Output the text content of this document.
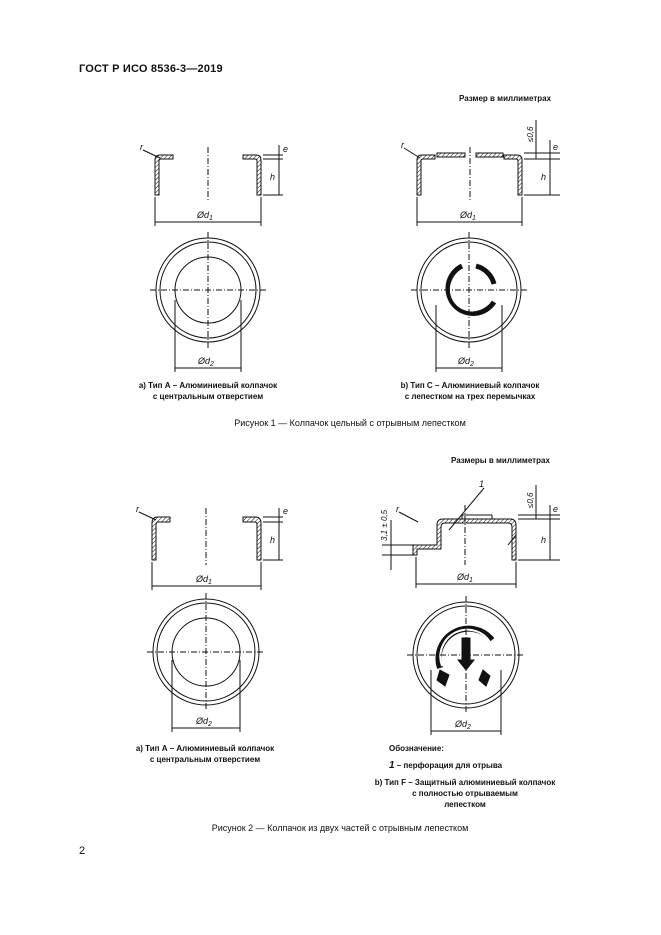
ГОСТ Р ИСО 8536-3—2019
r	e
h
$Ød_1$
$Ød_2$
r
≤0,6
e
h
$Ød_1$
$Ød_2$
r	e
h
$Ød_1$
$Ød_2$
r
1
≤0,6
3,1 ± 0,5
e
h
$Ød_1$
$Ød_2$
Размер в миллиметрах
а) Тип А – Алюминиевый колпачок
с центральным отверстием
b) Тип C – Алюминиевый колпачок
с лепестком на трех перемычках
Рисунок 1 — Колпачок цельный с отрывным лепестком
Размеры в миллиметрах
а) Тип А – Алюминиевый колпачок
с центральным отверстием
Обозначение:
1 – перфорация для отрыва
b) Тип F – Защитный алюминиевый колпачок
с полностью отрываемым
лепестком
Рисунок 2 — Колпачок из двух частей с отрывным лепестком
2
